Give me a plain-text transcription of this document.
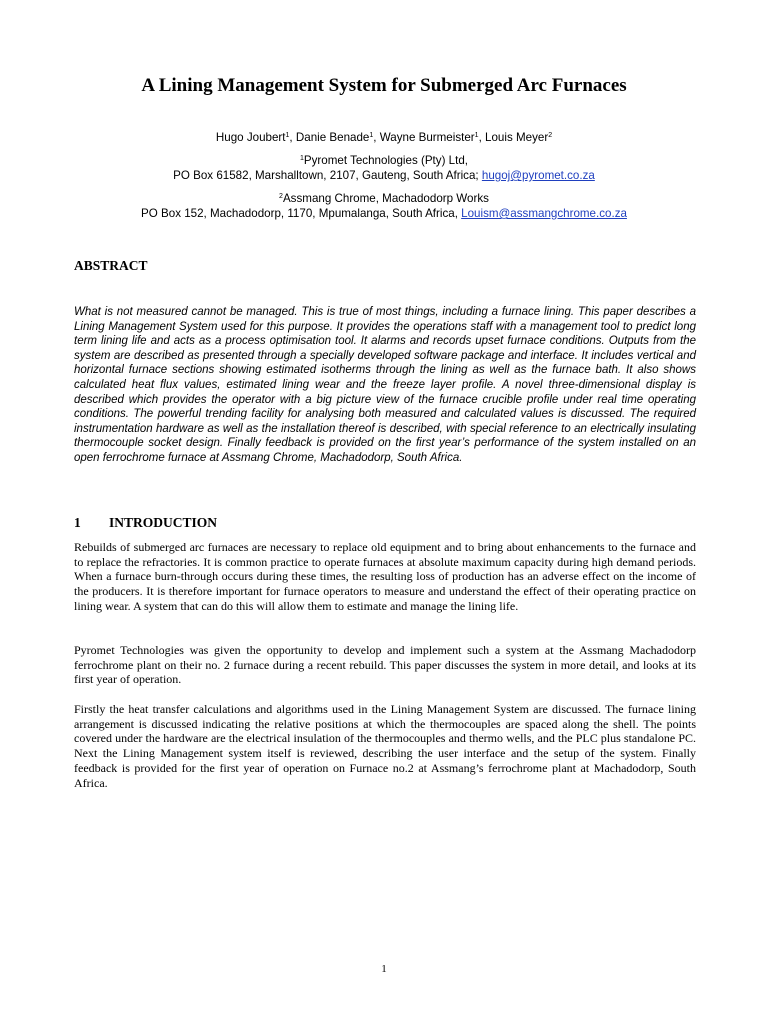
A Lining Management System for Submerged Arc Furnaces
Hugo Joubert$^1$, Danie Benade$^1$, Wayne Burmeister$^1$, Louis Meyer$^2$
$^1$Pyromet Technologies (Pty) Ltd,
PO Box 61582, Marshalltown, 2107, Gauteng, South Africa; hugoj@pyromet.co.za
$^2$Assmang Chrome, Machadodorp Works
PO Box 152, Machadodorp, 1170, Mpumalanga, South Africa, Louism@assmangchrome.co.za
ABSTRACT
What is not measured cannot be managed. This is true of most things, including a furnace lining. This paper describes a Lining Management System used for this purpose. It provides the operations staff with a management tool to predict long term lining life and acts as a process optimisation tool. It alarms and records upset furnace conditions. Outputs from the system are described as presented through a specially developed software package and interface. It includes vertical and horizontal furnace sections showing estimated isotherms through the lining as well as the furnace bath. It also shows calculated heat flux values, estimated lining wear and the freeze layer profile. A novel three-dimensional display is described which provides the operator with a big picture view of the furnace crucible profile under real time operating conditions. The powerful trending facility for analysing both measured and calculated values is discussed. The required instrumentation hardware as well as the installation thereof is described, with special reference to an electrically insulating thermocouple socket design. Finally feedback is provided on the first year’s performance of the system installed on an open ferrochrome furnace at Assmang Chrome, Machadodorp, South Africa.
1 INTRODUCTION
Rebuilds of submerged arc furnaces are necessary to replace old equipment and to bring about enhancements to the furnace and to replace the refractories. It is common practice to operate furnaces at absolute maximum capacity during high demand periods. When a furnace burn-through occurs during these times, the resulting loss of production has an adverse effect on the income of the producers. It is therefore important for furnace operators to measure and understand the effect of their operating practice on lining wear. A system that can do this will allow them to estimate and manage the lining life.
Pyromet Technologies was given the opportunity to develop and implement such a system at the Assmang Machadodorp ferrochrome plant on their no. 2 furnace during a recent rebuild. This paper discusses the system in more detail, and looks at its first year of operation.
Firstly the heat transfer calculations and algorithms used in the Lining Management System are discussed. The furnace lining arrangement is discussed indicating the relative positions at which the thermocouples are spaced along the shell. The points covered under the hardware are the electrical insulation of the thermocouples and thermo wells, and the PLC plus standalone PC. Next the Lining Management system itself is reviewed, describing the user interface and the setup of the system. Finally feedback is provided for the first year of operation on Furnace no.2 at Assmang’s ferrochrome plant at Machadodorp, South Africa.
1
